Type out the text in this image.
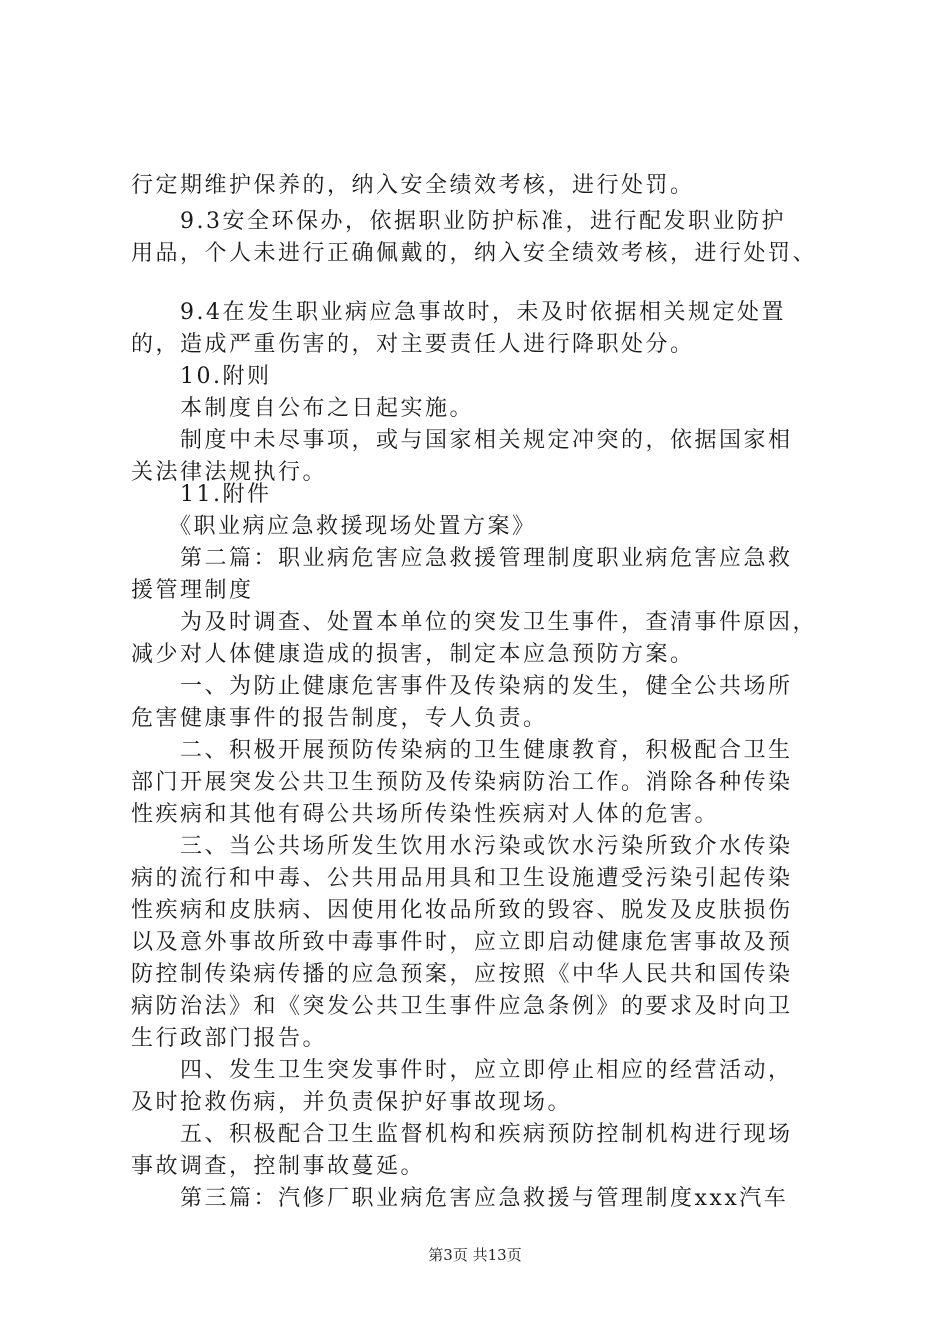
行定期维护保养的，纳入安全绩效考核，进行处罚。
　　9.3安全环保办，依据职业防护标准，进行配发职业防护
用品，个人未进行正确佩戴的，纳入安全绩效考核，进行处罚、
　　9.4在发生职业病应急事故时，未及时依据相关规定处置
的，造成严重伤害的，对主要责任人进行降职处分。
　　10.附则
　　本制度自公布之日起实施。
　　制度中未尽事项，或与国家相关规定冲突的，依据国家相
关法律法规执行。
　　11.附件
　　《职业病应急救援现场处置方案》
　　第二篇：职业病危害应急救援管理制度职业病危害应急救
援管理制度
　　为及时调查、处置本单位的突发卫生事件，查清事件原因，
减少对人体健康造成的损害，制定本应急预防方案。
　　一、为防止健康危害事件及传染病的发生，健全公共场所
危害健康事件的报告制度，专人负责。
　　二、积极开展预防传染病的卫生健康教育，积极配合卫生
部门开展突发公共卫生预防及传染病防治工作。消除各种传染
性疾病和其他有碍公共场所传染性疾病对人体的危害。
　　三、当公共场所发生饮用水污染或饮水污染所致介水传染
病的流行和中毒、公共用品用具和卫生设施遭受污染引起传染
性疾病和皮肤病、因使用化妆品所致的毁容、脱发及皮肤损伤
以及意外事故所致中毒事件时，应立即启动健康危害事故及预
防控制传染病传播的应急预案，应按照《中华人民共和国传染
病防治法》和《突发公共卫生事件应急条例》的要求及时向卫
生行政部门报告。
　　四、发生卫生突发事件时，应立即停止相应的经营活动，
及时抢救伤病，并负责保护好事故现场。
　　五、积极配合卫生监督机构和疾病预防控制机构进行现场
事故调查，控制事故蔓延。
　　第三篇：汽修厂职业病危害应急救援与管理制度xxx汽车
第3页 共13页
